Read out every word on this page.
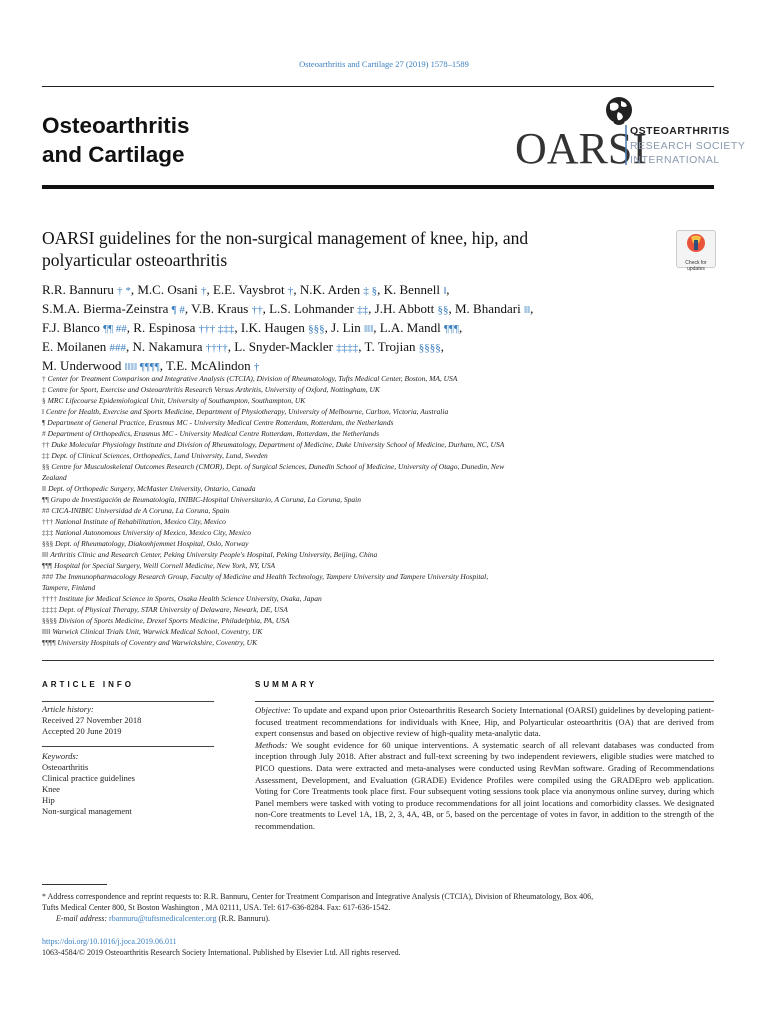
Osteoarthritis and Cartilage 27 (2019) 1578–1589
Osteoarthritis
and Cartilage	OARSI
OSTEOARTHRITIS
RESEARCH SOCIETY
INTERNATIONAL
OARSI guidelines for the non-surgical management of knee, hip, and
polyarticular osteoarthritis	Check for
updates
R.R. Bannuru † *, M.C. Osani †, E.E. Vaysbrot †, N.K. Arden ‡ §, K. Bennell ‖,
S.M.A. Bierma-Zeinstra ¶ #, V.B. Kraus ††, L.S. Lohmander ‡‡, J.H. Abbott §§, M. Bhandari ‖‖,
F.J. Blanco ¶¶ ##, R. Espinosa ††† ‡‡‡, I.K. Haugen §§§, J. Lin ‖‖‖, L.A. Mandl ¶¶¶,
E. Moilanen ###, N. Nakamura ††††, L. Snyder-Mackler ‡‡‡‡, T. Trojian §§§§,
M. Underwood ‖‖‖‖ ¶¶¶¶, T.E. McAlindon †
† Center for Treatment Comparison and Integrative Analysis (CTCIA), Division of Rheumatology, Tufts Medical Center, Boston, MA, USA
‡ Centre for Sport, Exercise and Osteoarthritis Research Versus Arthritis, University of Oxford, Nottingham, UK
§ MRC Lifecourse Epidemiological Unit, University of Southampton, Southampton, UK
‖ Centre for Health, Exercise and Sports Medicine, Department of Physiotherapy, University of Melbourne, Carlton, Victoria, Australia
¶ Department of General Practice, Erasmus MC - University Medical Centre Rotterdam, Rotterdam, the Netherlands
# Department of Orthopedics, Erasmus MC - University Medical Centre Rotterdam, Rotterdam, the Netherlands
†† Duke Molecular Physiology Institute and Division of Rheumatology, Department of Medicine, Duke University School of Medicine, Durham, NC, USA
‡‡ Dept. of Clinical Sciences, Orthopedics, Lund University, Lund, Sweden
§§ Centre for Musculoskeletal Outcomes Research (CMOR), Dept. of Surgical Sciences, Dunedin School of Medicine, University of Otago, Dunedin, New
Zealand
‖‖ Dept. of Orthopedic Surgery, McMaster University, Ontario, Canada
¶¶ Grupo de Investigación de Reumatología, INIBIC-Hospital Universitario, A Coruna, La Coruna, Spain
## CICA-INIBIC Universidad de A Coruna, La Coruna, Spain
††† National Institute of Rehabilitation, Mexico City, Mexico
‡‡‡ National Autonomous University of Mexico, Mexico City, Mexico
§§§ Dept. of Rheumatology, Diakonhjemmet Hospital, Oslo, Norway
‖‖‖ Arthritis Clinic and Research Center, Peking University People's Hospital, Peking University, Beijing, China
¶¶¶ Hospital for Special Surgery, Weill Cornell Medicine, New York, NY, USA
### The Immunopharmacology Research Group, Faculty of Medicine and Health Technology, Tampere University and Tampere University Hospital,
Tampere, Finland
†††† Institute for Medical Science in Sports, Osaka Health Science University, Osaka, Japan
‡‡‡‡ Dept. of Physical Therapy, STAR University of Delaware, Newark, DE, USA
§§§§ Division of Sports Medicine, Drexel Sports Medicine, Philadelphia, PA, USA
‖‖‖‖ Warwick Clinical Trials Unit, Warwick Medical School, Coventry, UK
¶¶¶¶ University Hospitals of Coventry and Warwickshire, Coventry, UK
ARTICLE INFO	SUMMARY
Article history:
Received 27 November 2018
Accepted 20 June 2019
Keywords:
Osteoarthritis
Clinical practice guidelines
Knee
Hip
Non-surgical management

Objective: To update and expand upon prior Osteoarthritis Research Society International (OARSI) guidelines by developing patient-focused treatment recommendations for individuals with Knee, Hip, and Polyarticular osteoarthritis (OA) that are derived from expert consensus and based on objective review of high-quality meta-analytic data.

Methods: We sought evidence for 60 unique interventions. A systematic search of all relevant databases was conducted from inception through July 2018. After abstract and full-text screening by two independent reviewers, eligible studies were matched to PICO questions. Data were extracted and meta-analyses were conducted using RevMan software. Grading of Recommendations Assessment, Development, and Evaluation (GRADE) Evidence Profiles were compiled using the GRADEpro web application. Voting for Core Treatments took place first. Four subsequent voting sessions took place via anonymous online survey, during which Panel members were tasked with voting to produce recommendations for all joint locations and comorbidity classes. We designated non-Core treatments to Level 1A, 1B, 2, 3, 4A, 4B, or 5, based on the percentage of votes in favor, in addition to the strength of the recommendation.

* Address correspondence and reprint requests to: R.R. Bannuru, Center for Treatment Comparison and Integrative Analysis (CTCIA), Division of Rheumatology, Box 406,
Tufts Medical Center 800, St Boston Washington , MA 02111, USA. Tel: 617-636-8284. Fax: 617-636-1542.
E-mail address: rbannuru@tuftsmedicalcenter.org (R.R. Bannuru).
https://doi.org/10.1016/j.joca.2019.06.011
1063-4584/© 2019 Osteoarthritis Research Society International. Published by Elsevier Ltd. All rights reserved.
